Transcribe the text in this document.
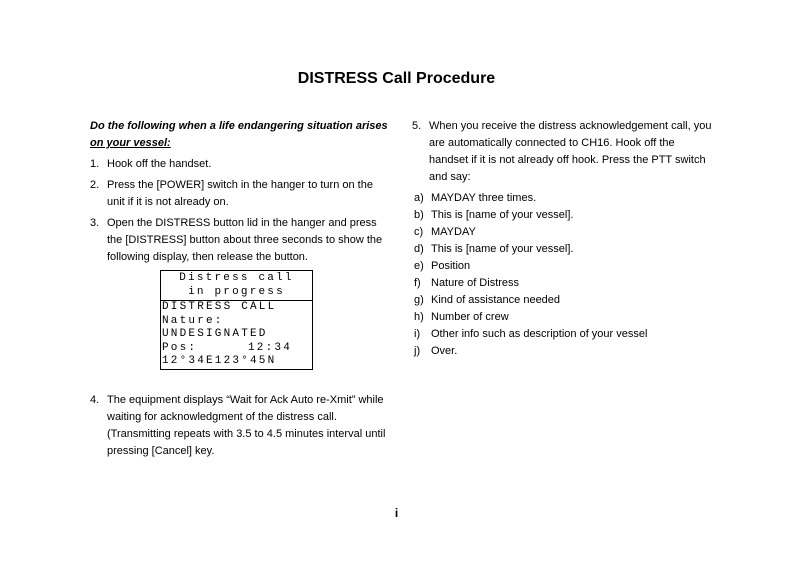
DISTRESS Call Procedure
Do the following when a life endangering situation arises on your vessel:
1. Hook off the handset.
2. Press the [POWER] switch in the hanger to turn on the unit if it is not already on.
3. Open the DISTRESS button lid in the hanger and press the [DISTRESS] button about three seconds to show the following display, then release the button.
Distress call
in progress
DISTRESS CALL
Nature:
UNDESIGNATED
Pos:	12:34
12°34E123°45N
4. The equipment displays “Wait for Ack Auto re-Xmit” while waiting for acknowledgment of the distress call. (Transmitting repeats with 3.5 to 4.5 minutes interval until pressing [Cancel] key.
5. When you receive the distress acknowledgement call, you are automatically connected to CH16. Hook off the handset if it is not already off hook. Press the PTT switch and say:
a) MAYDAY three times.
b) This is [name of your vessel].
c) MAYDAY
d) This is [name of your vessel].
e) Position
f) Nature of Distress
g) Kind of assistance needed
h) Number of crew
i) Other info such as description of your vessel
j) Over.
i
